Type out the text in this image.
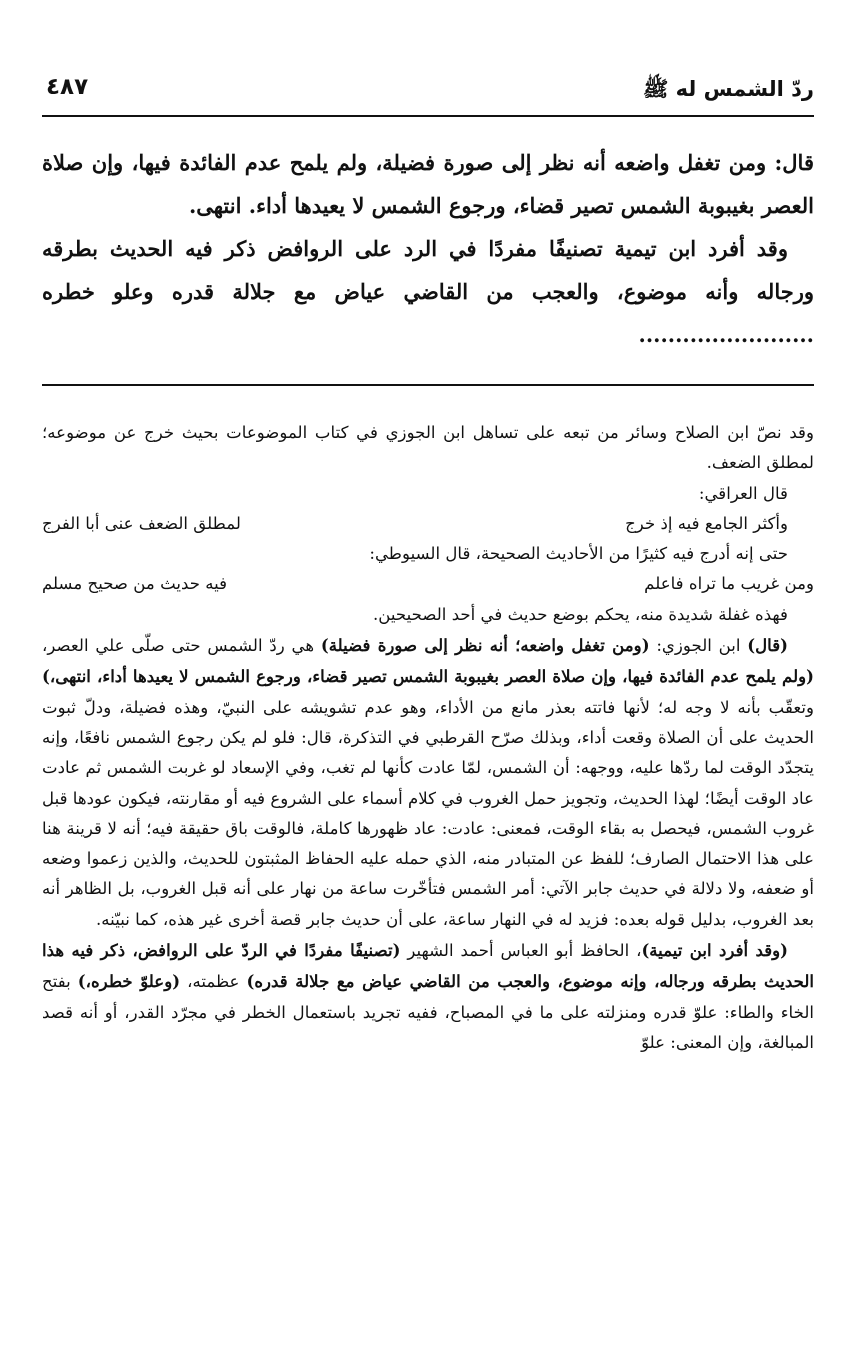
ردّ الشمس له ﷺ
٤٨٧

قال: ومن تغفل واضعه أنه نظر إلى صورة فضيلة، ولم يلمح عدم الفائدة فيها، وإن صلاة العصر بغيبوبة الشمس تصير قضاء، ورجوع الشمس لا يعيدها أداء. انتهى.

وقد أفرد ابن تيمية تصنيفًا مفردًا في الرد على الروافض ذكر فيه الحديث بطرقه ورجاله وأنه موضوع، والعجب من القاضي عياض مع جلالة قدره وعلو خطره ........................

وقد نصّ ابن الصلاح وسائر من تبعه على تساهل ابن الجوزي في كتاب الموضوعات بحيث خرج عن موضوعه؛ لمطلق الضعف.

قال العراقي:

وأكثر الجامع فيه إذ خرج
لمطلق الضعف عنى أبا الفرج

حتى إنه أدرج فيه كثيرًا من الأحاديث الصحيحة، قال السيوطي:

ومن غريب ما تراه فاعلم
فيه حديث من صحيح مسلم

فهذه غفلة شديدة منه، يحكم بوضع حديث في أحد الصحيحين.

(قال) ابن الجوزي: (ومن تغفل واضعه؛ أنه نظر إلى صورة فضيلة) هي ردّ الشمس حتى صلّى علي العصر، (ولم يلمح عدم الفائدة فيها، وإن صلاة العصر بغيبوبة الشمس تصير قضاء، ورجوع الشمس لا يعيدها أداء، انتهى،) وتعقّب بأنه لا وجه له؛ لأنها فاتته بعذر مانع من الأداء، وهو عدم تشويشه على النبيّ، وهذه فضيلة، ودلّ ثبوت الحديث على أن الصلاة وقعت أداء، وبذلك صرّح القرطبي في التذكرة، قال: فلو لم يكن رجوع الشمس نافعًا، وإنه يتجدّد الوقت لما ردّها عليه، ووجهه: أن الشمس، لمّا عادت كأنها لم تغب، وفي الإسعاد لو غربت الشمس ثم عادت عاد الوقت أيضًا؛ لهذا الحديث، وتجويز حمل الغروب في كلام أسماء على الشروع فيه أو مقارنته، فيكون عودها قبل غروب الشمس، فيحصل به بقاء الوقت، فمعنى: عادت: عاد ظهورها كاملة، فالوقت باق حقيقة فيه؛ أنه لا قرينة هنا على هذا الاحتمال الصارف؛ للفظ عن المتبادر منه، الذي حمله عليه الحفاظ المثبتون للحديث، والذين زعموا وضعه أو ضعفه، ولا دلالة في حديث جابر الآتي: أمر الشمس فتأخّرت ساعة من نهار على أنه قبل الغروب، بل الظاهر أنه بعد الغروب، بدليل قوله بعده: فزيد له في النهار ساعة، على أن حديث جابر قصة أخرى غير هذه، كما نبيّنه.

(وقد أفرد ابن تيمية)، الحافظ أبو العباس أحمد الشهير (تصنيفًا مفردًا في الردّ على الروافض، ذكر فيه هذا الحديث بطرقه ورجاله، وإنه موضوع، والعجب من القاضي عياض مع جلالة قدره) عظمته، (وعلوّ خطره،) بفتح الخاء والطاء: علوّ قدره ومنزلته على ما في المصباح، ففيه تجريد باستعمال الخطر في مجرّد القدر، أو أنه قصد المبالغة، وإن المعنى: علوّ
